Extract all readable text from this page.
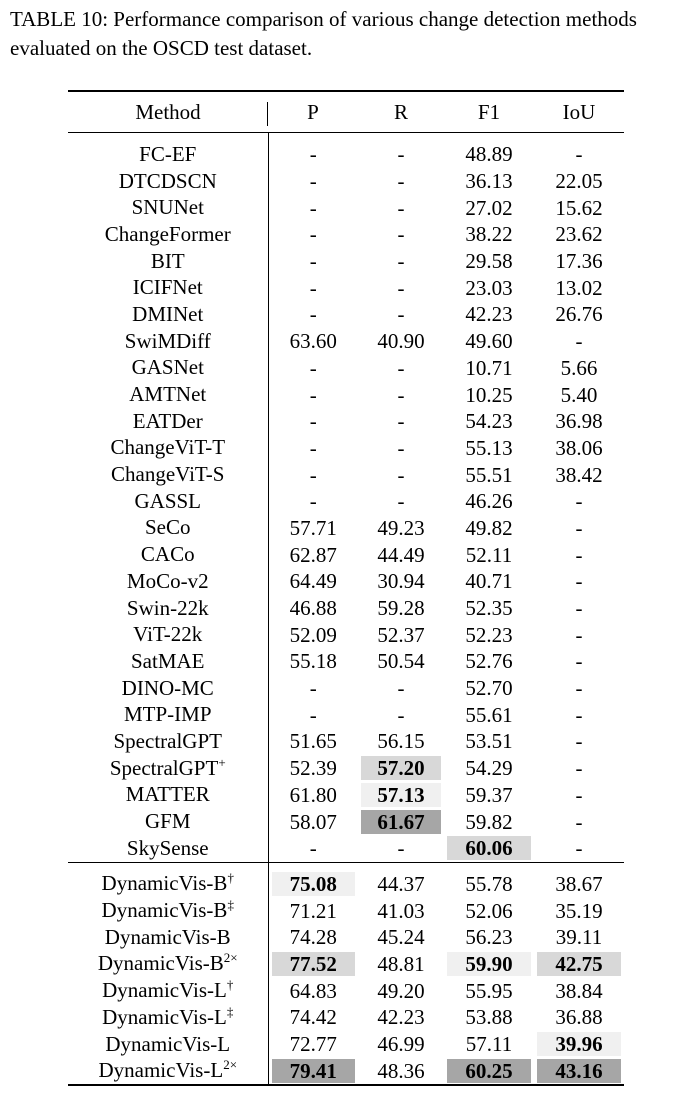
TABLE 10: Performance comparison of various change detection methods evaluated on the OSCD test dataset.
Method	P	R	F1	IoU
FC-EF	-	-	48.89	-

DTCDSCN	-	-	36.13	22.05

SNUNet	-	-	27.02	15.62

ChangeFormer	-	-	38.22	23.62

BIT	-	-	29.58	17.36

ICIFNet	-	-	23.03	13.02

DMINet	-	-	42.23	26.76

SwiMDiff	63.60	40.90	49.60	-

GASNet	-	-	10.71	5.66

AMTNet	-	-	10.25	5.40

EATDer	-	-	54.23	36.98

ChangeViT-T	-	-	55.13	38.06

ChangeViT-S	-	-	55.51	38.42

GASSL	-	-	46.26	-

SeCo	57.71	49.23	49.82	-

CACo	62.87	44.49	52.11	-

MoCo-v2	64.49	30.94	40.71	-

Swin-22k	46.88	59.28	52.35	-

ViT-22k	52.09	52.37	52.23	-

SatMAE	55.18	50.54	52.76	-

DINO-MC	-	-	52.70	-

MTP-IMP	-	-	55.61	-

SpectralGPT	51.65	56.15	53.51	-

SpectralGPT+	52.39	57.20	54.29	-

MATTER	61.80	57.13	59.37	-

GFM	58.07	61.67	59.82	-

SkySense	-	-	60.06	-

DynamicVis-B†	75.08	44.37	55.78	38.67

DynamicVis-B‡	71.21	41.03	52.06	35.19

DynamicVis-B	74.28	45.24	56.23	39.11

DynamicVis-$B^{2\times}$	77.52	48.81	59.90	42.75

DynamicVis-L†	64.83	49.20	55.95	38.84

DynamicVis-L‡	74.42	42.23	53.88	36.88

DynamicVis-L	72.77	46.99	57.11	39.96

DynamicVis-$L^{2\times}$	79.41	48.36	60.25	43.16
